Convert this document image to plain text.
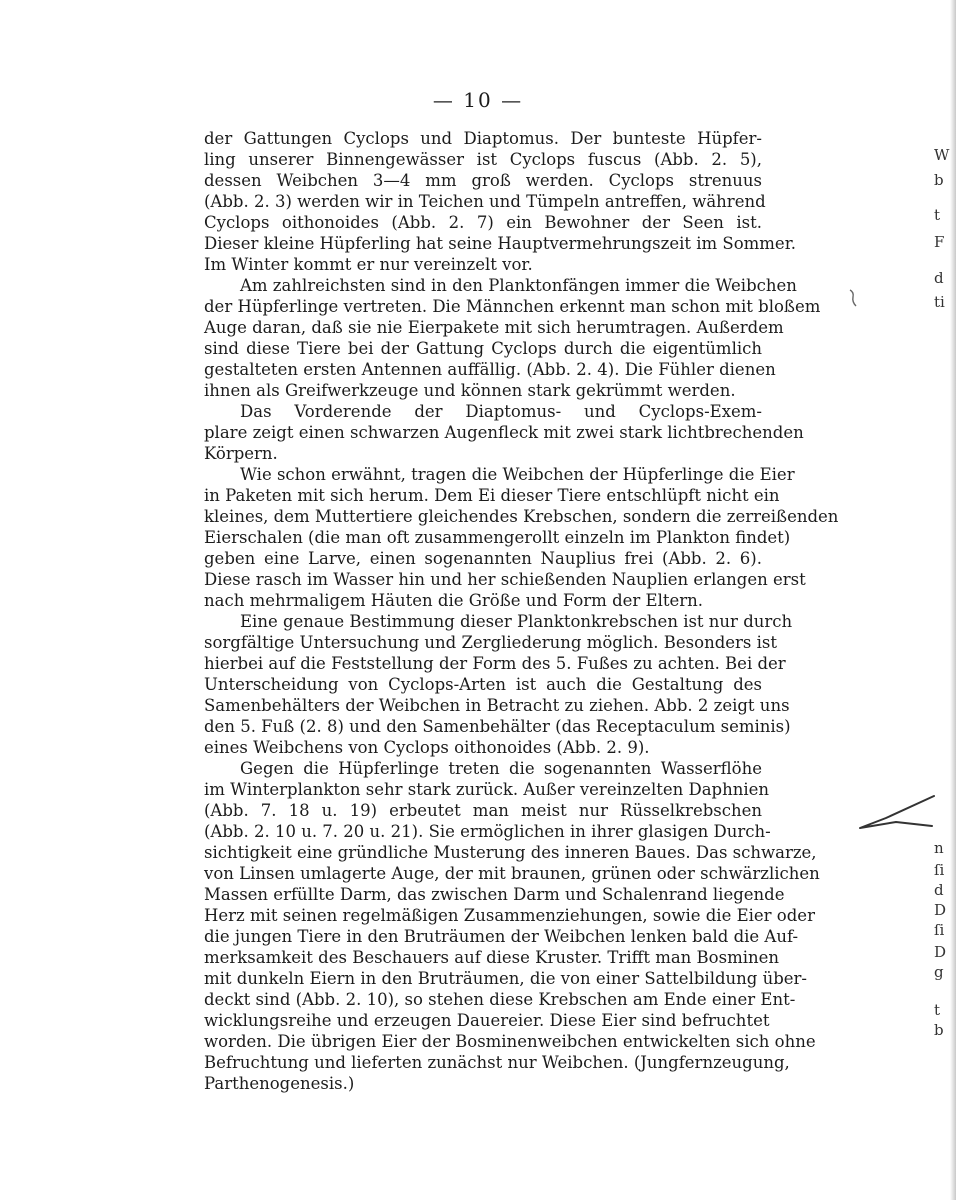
— 10 —
der Gattungen Cyclops und Diaptomus. Der bunteste Hüpfer-
ling unserer Binnengewässer ist Cyclops fuscus (Abb. 2. 5),
dessen Weibchen 3—4 mm groß werden. Cyclops strenuus
(Abb. 2. 3) werden wir in Teichen und Tümpeln antreffen, während
Cyclops oithonoides (Abb. 2. 7) ein Bewohner der Seen ist.
Dieser kleine Hüpferling hat seine Hauptvermehrungszeit im Sommer.
Im Winter kommt er nur vereinzelt vor.
Am zahlreichsten sind in den Planktonfängen immer die Weibchen
der Hüpferlinge vertreten. Die Männchen erkennt man schon mit bloßem
Auge daran, daß sie nie Eierpakete mit sich herumtragen. Außerdem
sind diese Tiere bei der Gattung Cyclops durch die eigentümlich
gestalteten ersten Antennen auffällig. (Abb. 2. 4). Die Fühler dienen
ihnen als Greifwerkzeuge und können stark gekrümmt werden.
Das Vorderende der Diaptomus- und Cyclops-Exem-
plare zeigt einen schwarzen Augenfleck mit zwei stark lichtbrechenden
Körpern.
Wie schon erwähnt, tragen die Weibchen der Hüpferlinge die Eier
in Paketen mit sich herum. Dem Ei dieser Tiere entschlüpft nicht ein
kleines, dem Muttertiere gleichendes Krebschen, sondern die zerreißenden
Eierschalen (die man oft zusammengerollt einzeln im Plankton findet)
geben eine Larve, einen sogenannten Nauplius frei (Abb. 2. 6).
Diese rasch im Wasser hin und her schießenden Nauplien erlangen erst
nach mehrmaligem Häuten die Größe und Form der Eltern.
Eine genaue Bestimmung dieser Planktonkrebschen ist nur durch
sorgfältige Untersuchung und Zergliederung möglich. Besonders ist
hierbei auf die Feststellung der Form des 5. Fußes zu achten. Bei der
Unterscheidung von Cyclops-Arten ist auch die Gestaltung des
Samenbehälters der Weibchen in Betracht zu ziehen. Abb. 2 zeigt uns
den 5. Fuß (2. 8) und den Samenbehälter (das Receptaculum seminis)
eines Weibchens von Cyclops oithonoides (Abb. 2. 9).
Gegen die Hüpferlinge treten die sogenannten Wasserflöhe
im Winterplankton sehr stark zurück. Außer vereinzelten Daphnien
(Abb. 7. 18 u. 19) erbeutet man meist nur Rüsselkrebschen
(Abb. 2. 10 u. 7. 20 u. 21). Sie ermöglichen in ihrer glasigen Durch-
sichtigkeit eine gründliche Musterung des inneren Baues. Das schwarze,
von Linsen umlagerte Auge, der mit braunen, grünen oder schwärzlichen
Massen erfüllte Darm, das zwischen Darm und Schalenrand liegende
Herz mit seinen regelmäßigen Zusammenziehungen, sowie die Eier oder
die jungen Tiere in den Bruträumen der Weibchen lenken bald die Auf-
merksamkeit des Beschauers auf diese Kruster. Trifft man Bosminen
mit dunkeln Eiern in den Bruträumen, die von einer Sattelbildung über-
deckt sind (Abb. 2. 10), so stehen diese Krebschen am Ende einer Ent-
wicklungsreihe und erzeugen Dauereier. Diese Eier sind befruchtet
worden. Die übrigen Eier der Bosminenweibchen entwickelten sich ohne
Befruchtung und lieferten zunächst nur Weibchen. (Jungfernzeugung,
Parthenogenesis.)
W
b
t
F
d
ti
n
ſi
d
D
ſi
D
g
t
b
